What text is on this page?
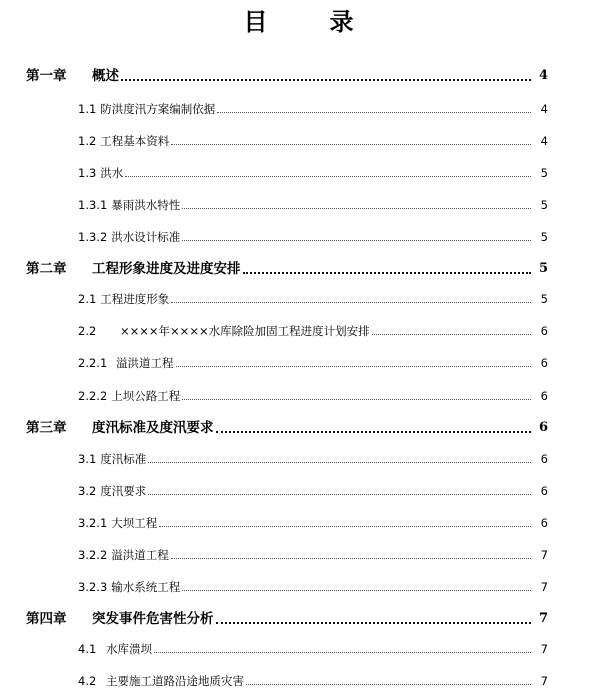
目	录
第一章 概述	4
1.1 防洪度汛方案编制依据	4
1.2 工程基本资料	4
1.3 洪水	5
1.3.1 暴雨洪水特性	5
1.3.2 洪水设计标准	5
第二章 工程形象进度及进度安排	5
2.1 工程进度形象	5
2.2 ××××年××××水库除险加固工程进度计划安排	6
2.2.1 溢洪道工程	6
2.2.2 上坝公路工程	6
第三章 度汛标准及度汛要求	6
3.1 度汛标准	6
3.2 度汛要求	6
3.2.1 大坝工程	6
3.2.2 溢洪道工程	7
3.2.3 输水系统工程	7
第四章 突发事件危害性分析	7
4.1 水库溃坝	7
4.2 主要施工道路沿途地质灾害	7
